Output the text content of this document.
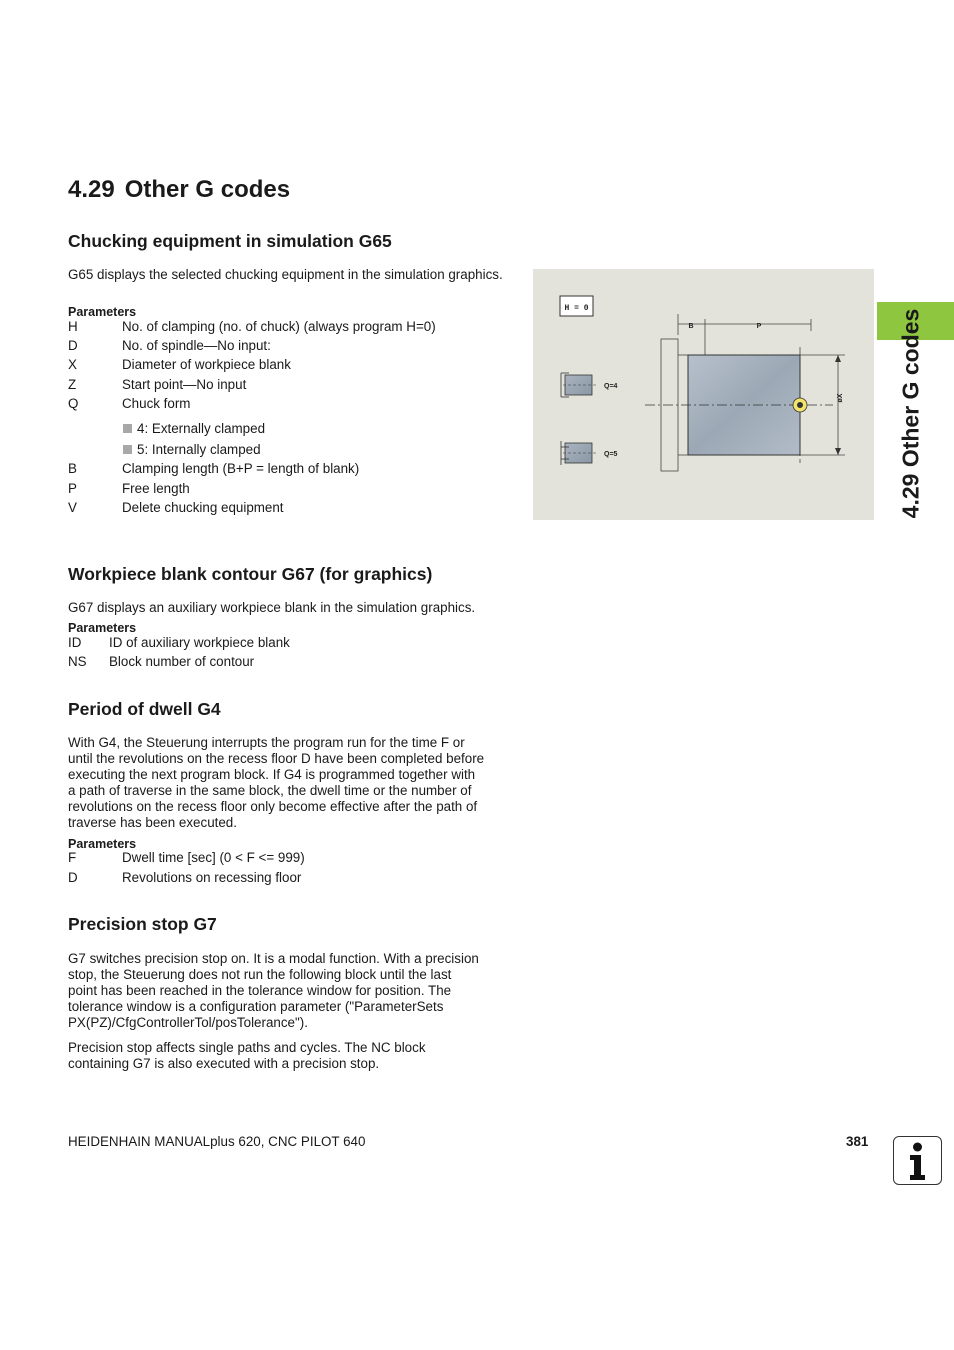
4.29 Other G codes
4.29 Other G codes
Chucking equipment in simulation G65

G65 displays the selected chucking equipment in the simulation graphics.

Parameters

H	No. of clamping (no. of chuck) (always program H=0)
D	No. of spindle—No input:
X	Diameter of workpiece blank
Z	Start point—No input
Q	Chuck form
4: Externally clamped
5: Internally clamped
B	Clamping length (B+P = length of blank)
P	Free length
V	Delete chucking equipment
H = 0
B	P
øX
Q=4
Q=5
Workpiece blank contour G67 (for graphics)

G67 displays an auxiliary workpiece blank in the simulation graphics.

Parameters

ID ID of auxiliary workpiece blank
NS Block number of contour
Period of dwell G4
With G4, the Steuerung interrupts the program run for the time F or
until the revolutions on the recess floor D have been completed before
executing the next program block. If G4 is programmed together with
a path of traverse in the same block, the dwell time or the number of
revolutions on the recess floor only become effective after the path of
traverse has been executed.

Parameters

F	Dwell time [sec] (0 < F <= 999)
D	Revolutions on recessing floor
Precision stop G7
G7 switches precision stop on. It is a modal function. With a precision
stop, the Steuerung does not run the following block until the last
point has been reached in the tolerance window for position. The
tolerance window is a configuration parameter ("ParameterSets
PX(PZ)/CfgControllerTol/posTolerance").
Precision stop affects single paths and cycles. The NC block
containing G7 is also executed with a precision stop.
HEIDENHAIN MANUALplus 620, CNC PILOT 640	381
